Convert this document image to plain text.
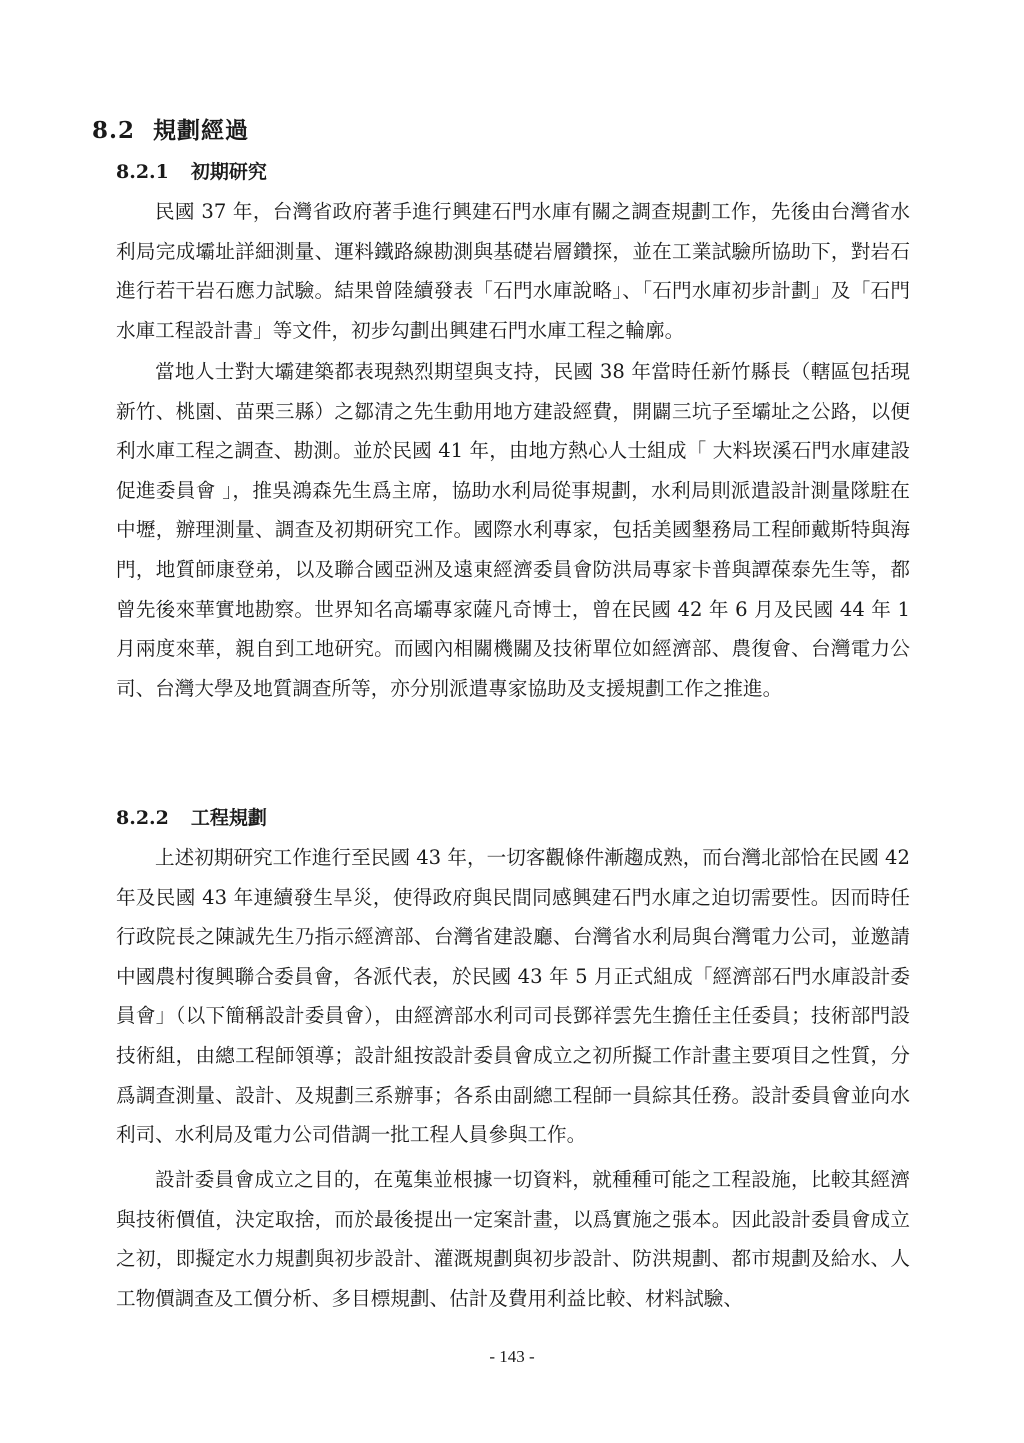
8.2 規劃經過
8.2.1 初期研究

民國 37 年，台灣省政府著手進行興建石門水庫有關之調查規劃工作，先後由台灣省水利局完成壩址詳細測量、運料鐵路線勘測與基礎岩層鑽探，並在工業試驗所協助下，對岩石進行若干岩石應力試驗。結果曾陸續發表「石門水庫說略」、「石門水庫初步計劃」及「石門水庫工程設計書」等文件，初步勾劃出興建石門水庫工程之輪廓。

當地人士對大壩建築都表現熱烈期望與支持，民國 38 年當時任新竹縣長（轄區包括現新竹、桃園、苗栗三縣）之鄒清之先生動用地方建設經費，開闢三坑子至壩址之公路，以便利水庫工程之調查、勘測。並於民國 41 年，由地方熱心人士組成「 大料崁溪石門水庫建設促進委員會 」，推吳鴻森先生爲主席，協助水利局從事規劃，水利局則派遣設計測量隊駐在中壢，辦理測量、調查及初期研究工作。國際水利專家，包括美國墾務局工程師戴斯特與海門，地質師康登弟，以及聯合國亞洲及遠東經濟委員會防洪局專家卡普與譚葆泰先生等，都曾先後來華實地勘察。世界知名高壩專家薩凡奇博士，曾在民國 42 年 6 月及民國 44 年 1 月兩度來華，親自到工地研究。而國內相關機關及技術單位如經濟部、農復會、台灣電力公司、台灣大學及地質調查所等，亦分別派遣專家協助及支援規劃工作之推進。

8.2.2 工程規劃

上述初期研究工作進行至民國 43 年，一切客觀條件漸趨成熟，而台灣北部恰在民國 42 年及民國 43 年連續發生旱災，使得政府與民間同感興建石門水庫之迫切需要性。因而時任行政院長之陳誠先生乃指示經濟部、台灣省建設廳、台灣省水利局與台灣電力公司，並邀請中國農村復興聯合委員會，各派代表，於民國 43 年 5 月正式組成「經濟部石門水庫設計委員會」（以下簡稱設計委員會），由經濟部水利司司長鄧祥雲先生擔任主任委員；技術部門設技術組，由總工程師領導；設計組按設計委員會成立之初所擬工作計畫主要項目之性質，分爲調查測量、設計、及規劃三系辦事；各系由副總工程師一員綜其任務。設計委員會並向水利司、水利局及電力公司借調一批工程人員參與工作。

設計委員會成立之目的，在蒐集並根據一切資料，就種種可能之工程設施，比較其經濟與技術價值，決定取捨，而於最後提出一定案計畫，以爲實施之張本。因此設計委員會成立之初，即擬定水力規劃與初步設計、灌溉規劃與初步設計、防洪規劃、都市規劃及給水、人工物價調查及工價分析、多目標規劃、估計及費用利益比較、材料試驗、

- 143 -
